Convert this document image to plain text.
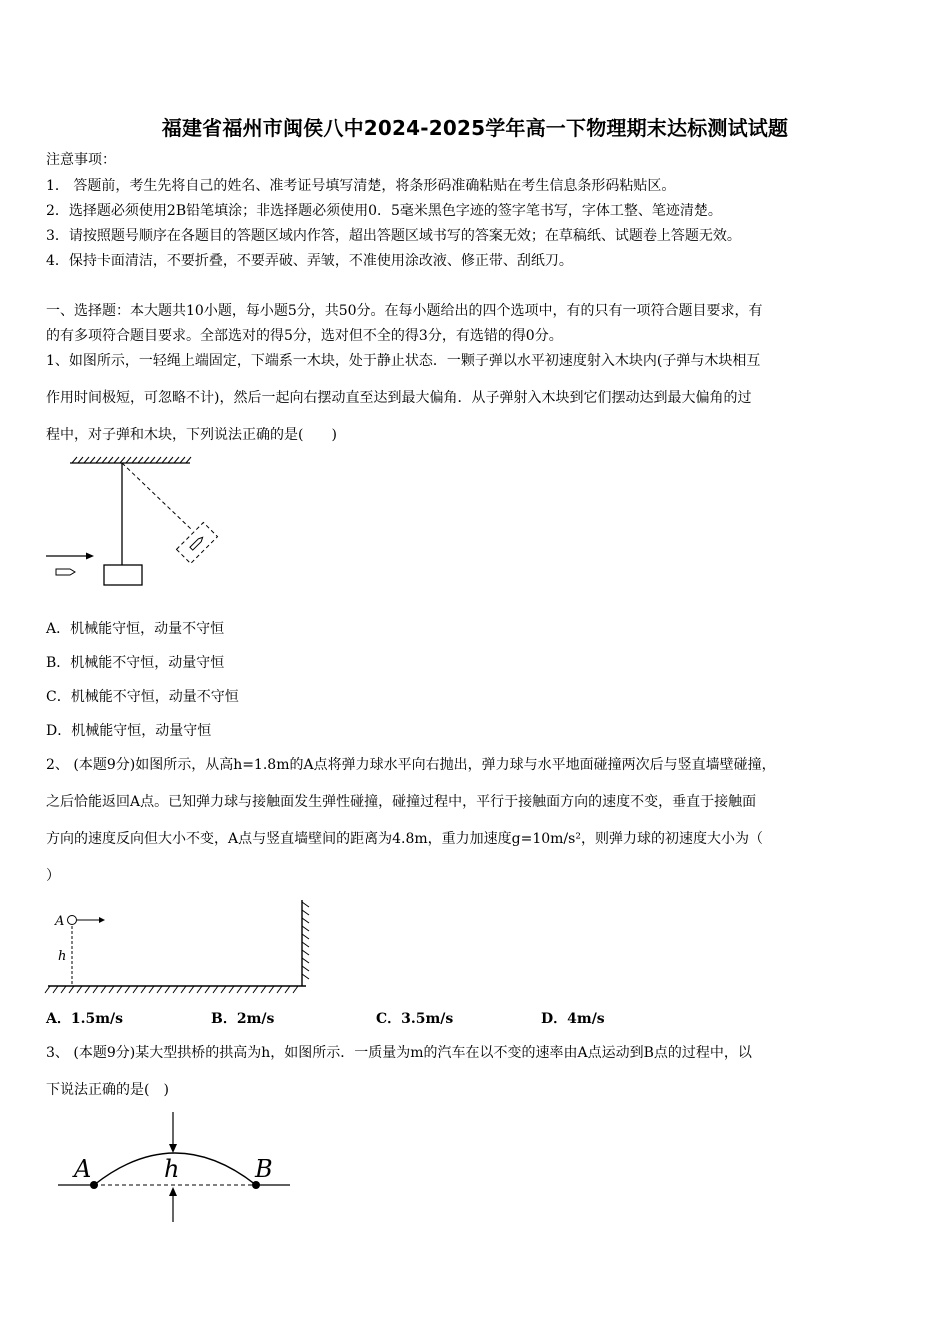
福建省福州市闽侯八中2024-2025学年高一下物理期末达标测试试题
注意事项：
1． 答题前，考生先将自己的姓名、准考证号填写清楚，将条形码准确粘贴在考生信息条形码粘贴区。
2．选择题必须使用2B铅笔填涂；非选择题必须使用0．5毫米黑色字迹的签字笔书写，字体工整、笔迹清楚。
3．请按照题号顺序在各题目的答题区域内作答，超出答题区域书写的答案无效；在草稿纸、试题卷上答题无效。
4．保持卡面清洁，不要折叠，不要弄破、弄皱，不准使用涂改液、修正带、刮纸刀。
一、选择题：本大题共10小题，每小题5分，共50分。在每小题给出的四个选项中，有的只有一项符合题目要求，有
的有多项符合题目要求。全部选对的得5分，选对但不全的得3分，有选错的得0分。
1、如图所示，一轻绳上端固定，下端系一木块，处于静止状态．一颗子弹以水平初速度射入木块内(子弹与木块相互
作用时间极短，可忽略不计)，然后一起向右摆动直至达到最大偏角．从子弹射入木块到它们摆动达到最大偏角的过
程中，对子弹和木块，下列说法正确的是(　　)
A．机械能守恒，动量不守恒
B．机械能不守恒，动量守恒
C．机械能不守恒，动量不守恒
D．机械能守恒，动量守恒
2、 (本题9分)如图所示，从高h=1.8m的A点将弹力球水平向右抛出，弹力球与水平地面碰撞两次后与竖直墙壁碰撞，
之后恰能返回A点。已知弹力球与接触面发生弹性碰撞，碰撞过程中，平行于接触面方向的速度不变，垂直于接触面
方向的速度反向但大小不变，A点与竖直墙壁间的距离为4.8m，重力加速度g=10m/s²，则弹力球的初速度大小为（
）
A
h
A．1.5m/s	B．2m/s	C．3.5m/s	D．4m/s
3、 (本题9分)某大型拱桥的拱高为h，如图所示．一质量为m的汽车在以不变的速率由A点运动到B点的过程中，以
下说法正确的是(　)
A	h	B
